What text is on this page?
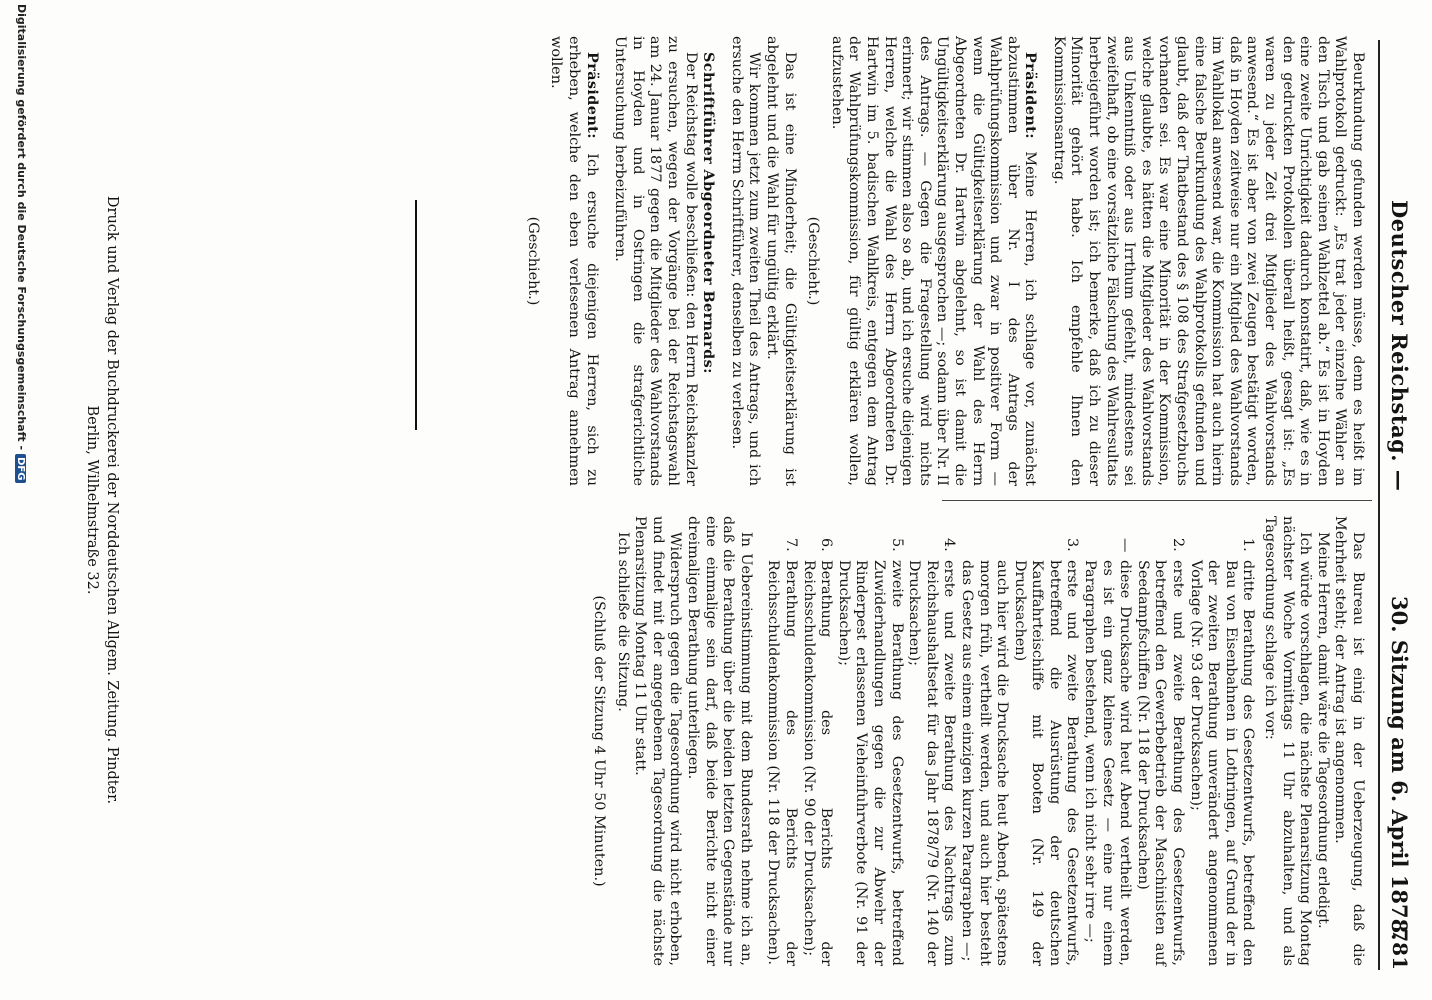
Deutscher Reichstag. —
30. Sitzung am 6. April 1878.
781

Beurkundung gefunden werden müsse, denn es heißt im Wahlprotokoll gedruckt: „Es trat jeder einzelne Wähler an den Tisch und gab seinen Wahlzettel ab.“ Es ist in Hoyden eine zweite Unrichtigkeit dadurch konstatirt, daß, wie es in den gedruckten Protokollen überall heißt, gesagt ist: „Es waren zu jeder Zeit drei Mitglieder des Wahlvorstands anwesend.“ Es ist aber von zwei Zeugen bestätigt worden, daß in Hoyden zeitweise nur ein Mitglied des Wahlvorstands im Wahllokal anwesend war, die Kommission hat auch hierin eine falsche Beurkundung des Wahlprotokolls gefunden und glaubt, daß der Thatbestand des § 108 des Strafgesetzbuchs vorhanden sei. Es war eine Minorität in der Kommission, welche glaubte, es hätten die Mitglieder des Wahlvorstands aus Unkenntniß oder aus Irrthum gefehlt, mindestens sei zweifelhaft, ob eine vorsätzliche Fälschung des Wahlresultats herbeigeführt worden ist; ich bemerke, daß ich zu dieser Minorität gehört habe. Ich empfehle Ihnen den Kommissionsantrag.

Präsident: Meine Herren, ich schlage vor, zunächst abzustimmen über Nr. I des Antrags der Wahlprüfungskommission und zwar in positiver Form — wenn die Gültigkeitserklärung der Wahl des Herrn Abgeordneten Dr. Hartwin abgelehnt, so ist damit die Ungültigkeitserklärung ausgesprochen —; sodann über Nr. II des Antrags. — Gegen die Fragestellung wird nichts erinnert; wir stimmen also so ab, und ich ersuche diejenigen Herren, welche die Wahl des Herrn Abgeordneten Dr. Hartwin im 5. badischen Wahlkreis, entgegen dem Antrag der Wahlprüfungskommission, für gültig erklären wollen, aufzustehen.

(Geschieht.)

Das ist eine Minderheit; die Gültigkeitserklärung ist abgelehnt und die Wahl für ungültig erklärt.

Wir kommen jetzt zum zweiten Theil des Antrags, und ich ersuche den Herrn Schriftführer, denselben zu verlesen.

Schriftführer Abgeordneter Bernards:

Der Reichstag wolle beschließen: den Herrn Reichskanzler zu ersuchen, wegen der Vorgänge bei der Reichstagswahl am 24. Januar 1877 gegen die Mitglieder des Wahlvorstands in Hoyden und in Ostringen die strafgerichtliche Untersuchung herbeizuführen.

Präsident: Ich ersuche diejenigen Herren, sich zu erheben, welche den eben verlesenen Antrag annehmen wollen.

(Geschieht.)

Das Bureau ist einig in der Ueberzeugung, daß die Mehrheit steht; der Antrag ist angenommen.

Meine Herren, damit wäre die Tagesordnung erledigt.

Ich würde vorschlagen, die nächste Plenarsitzung Montag nächster Woche Vormittags 11 Uhr abzuhalten, und als Tagesordnung schlage ich vor:

1.
dritte Berathung des Gesetzentwurfs, betreffend den Bau von Eisenbahnen in Lothringen, auf Grund der in der zweiten Berathung unverändert angenommenen Vorlage (Nr. 93 der Drucksachen);
2.
erste und zweite Berathung des Gesetzentwurfs, betreffend den Gewerbebetrieb der Maschinisten auf Seedampfschiffen (Nr. 118 der Drucksachen)
—
diese Drucksache wird heut Abend vertheilt werden, es ist ein ganz kleines Gesetz — eine nur einem Paragraphen bestehend, wenn ich nicht sehr irre —;
3.
erste und zweite Berathung des Gesetzentwurfs, betreffend die Ausrüstung der deutschen Kauffahrteischiffe mit Booten (Nr. 149 der Drucksachen)
auch hier wird die Drucksache heut Abend, spätestens morgen früh, vertheilt werden, und auch hier besteht das Gesetz aus einem einzigen kurzen Paragraphen —;
4.
erste und zweite Berathung des Nachtrags zum Reichshaushaltsetat für das Jahr 1878/79 (Nr. 140 der Drucksachen);
5.
zweite Berathung des Gesetzentwurfs, betreffend Zuwiderhandlungen gegen die zur Abwehr der Rinderpest erlassenen Vieheinfuhrverbote (Nr. 91 der Drucksachen);
6.
Berathung des Berichts der Reichsschuldenkommission (Nr. 90 der Drucksachen);
7.
Berathung des Berichts der Reichsschuldenkommission (Nr. 118 der Drucksachen).

In Uebereinstimmung mit dem Bundesrath nehme ich an, daß die Berathung über die beiden letzten Gegenstände nur eine einmalige sein darf, daß beide Berichte nicht einer dreimaligen Berathung unterliegen.

Widerspruch gegen die Tagesordnung wird nicht erhoben, und findet mit der angegebenen Tagesordnung die nächste Plenarsitzung Montag 11 Uhr statt.

Ich schließe die Sitzung.

(Schluß der Sitzung 4 Uhr 50 Minuten.)

Druck und Verlag der Buchdruckerei der Norddeutschen Allgem. Zeitung. Pindter.
Berlin, Wilhelmstraße 32.
Digitalisierung gefördert durch die Deutsche Forschungsgemeinschaft -DFG
